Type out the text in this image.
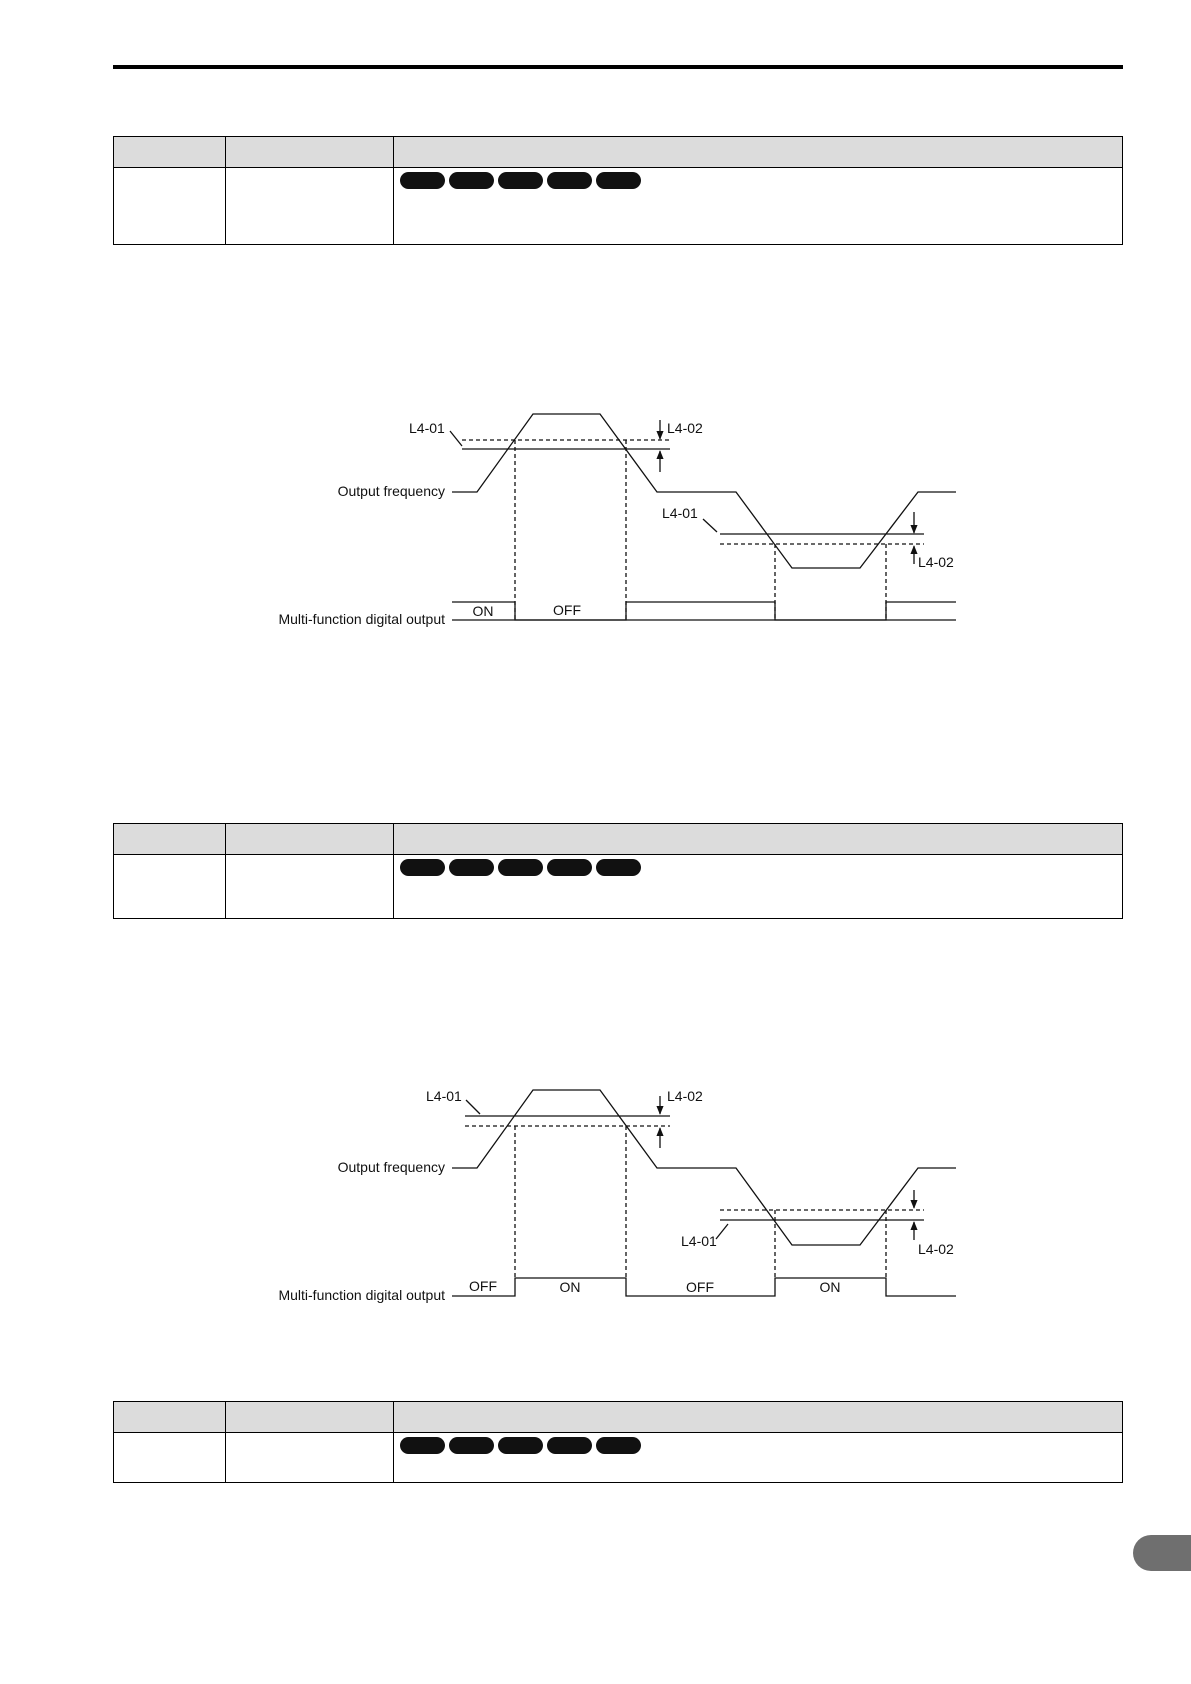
L4-01	L4-02
Output frequency
L4-01
L4-02
Multi-function digital output ON	OFF
L4-01	L4-02
Output frequency
L4-01	L4-02
Multi-function digital output
OFF	ON	OFF	ON
